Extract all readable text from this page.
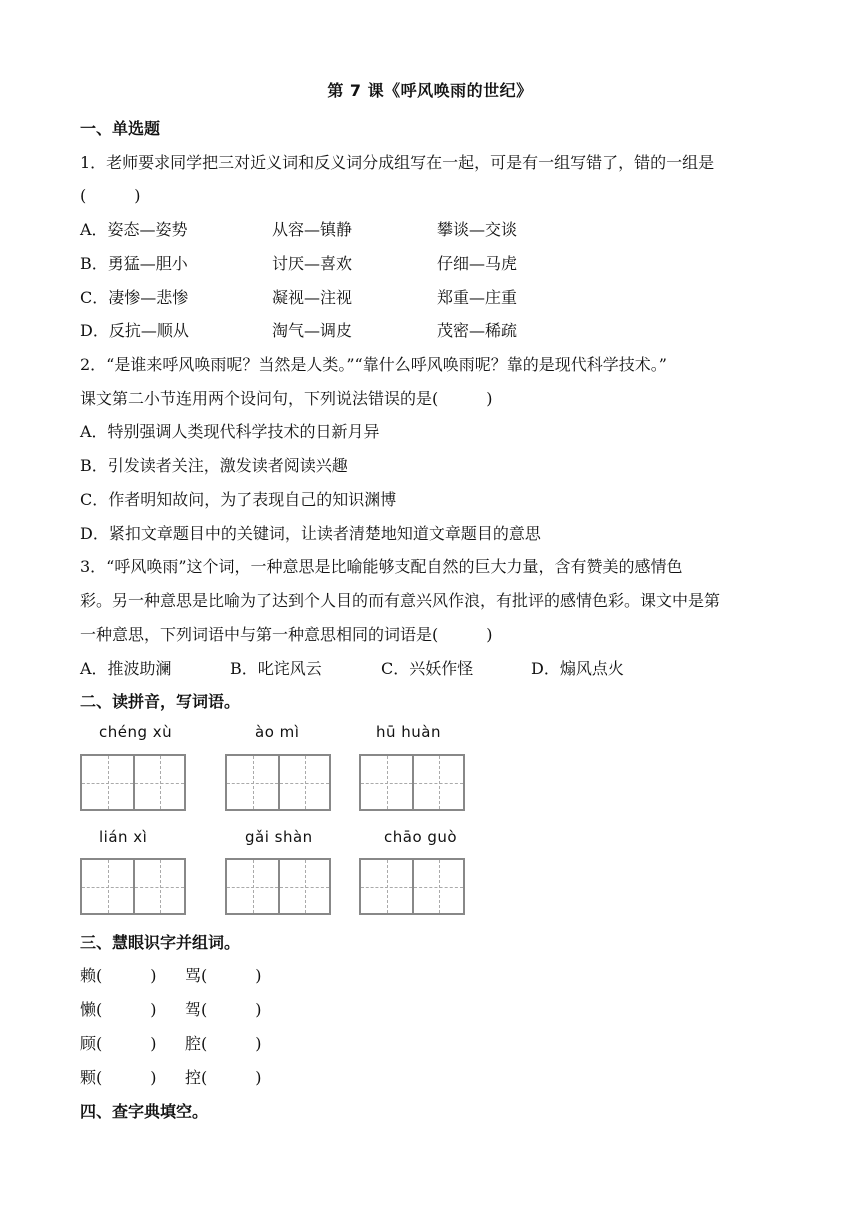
第 7 课《呼风唤雨的世纪》
一、单选题
1．老师要求同学把三对近义词和反义词分成组写在一起，可是有一组写错了，错的一组是
(　　　)
A．姿态—姿势	从容—镇静	攀谈—交谈
B．勇猛—胆小	讨厌—喜欢	仔细—马虎
C．凄惨—悲惨	凝视—注视	郑重—庄重
D．反抗—顺从	淘气—调皮	茂密—稀疏
2．“是谁来呼风唤雨呢？当然是人类。”“靠什么呼风唤雨呢？靠的是现代科学技术。”
课文第二小节连用两个设问句，下列说法错误的是(　　　)
A．特别强调人类现代科学技术的日新月异
B．引发读者关注，激发读者阅读兴趣
C．作者明知故问，为了表现自己的知识渊博
D．紧扣文章题目中的关键词，让读者清楚地知道文章题目的意思
3．“呼风唤雨”这个词，一种意思是比喻能够支配自然的巨大力量，含有赞美的感情色
彩。另一种意思是比喻为了达到个人目的而有意兴风作浪，有批评的感情色彩。课文中是第
一种意思，下列词语中与第一种意思相同的词语是(　　　)
A．推波助澜	B．叱诧风云	C．兴妖作怪	D．煽风点火
二、读拼音，写词语。
chéng xù	ào mì	hū huàn
lián xì	gǎi shàn	chāo guò
三、慧眼识字并组词。
赖(　　　) 骂(　　　)
懒(　　　) 驾(　　　)
顾(　　　) 腔(　　　)
颗(　　　) 控(　　　)
四、查字典填空。
